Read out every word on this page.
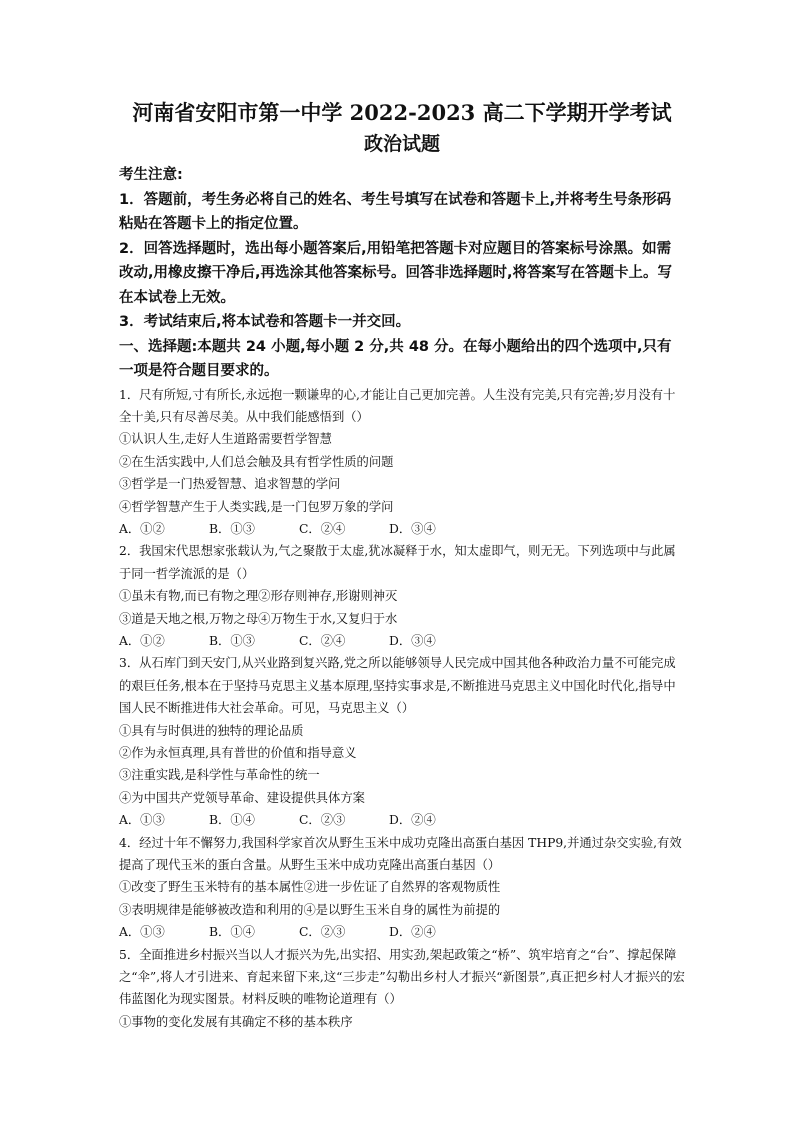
河南省安阳市第一中学 2022-2023 高二下学期开学考试
政治试题

考生注意:

1．答题前，考生务必将自己的姓名、考生号填写在试卷和答题卡上,并将考生号条形码粘贴在答题卡上的指定位置。

2．回答选择题时，选出每小题答案后,用铅笔把答题卡对应题目的答案标号涂黑。如需改动,用橡皮擦干净后,再选涂其他答案标号。回答非选择题时,将答案写在答题卡上。写在本试卷上无效。

3．考试结束后,将本试卷和答题卡一并交回。

一、选择题:本题共 24 小题,每小题 2 分,共 48 分。在每小题给出的四个选项中,只有一项是符合题目要求的。

1．尺有所短,寸有所长,永远抱一颗谦卑的心,才能让自己更加完善。人生没有完美,只有完善;岁月没有十全十美,只有尽善尽美。从中我们能感悟到（）

①认识人生,走好人生道路需要哲学智慧

②在生活实践中,人们总会触及具有哲学性质的问题

③哲学是一门热爱智慧、追求智慧的学问

④哲学智慧产生于人类实践,是一门包罗万象的学问

A．①②	B．①③	C．②④	D．③④

2．我国宋代思想家张载认为,气之聚散于太虚,犹冰凝释于水，知太虚即气，则无无。下列选项中与此属于同一哲学流派的是（）

①虽未有物,而已有物之理②形存则神存,形谢则神灭

③道是天地之根,万物之母④万物生于水,又复归于水

A．①②	B．①③	C．②④	D．③④

3．从石库门到天安门,从兴业路到复兴路,党之所以能够领导人民完成中国其他各种政治力量不可能完成的艰巨任务,根本在于坚持马克思主义基本原理,坚持实事求是,不断推进马克思主义中国化时代化,指导中国人民不断推进伟大社会革命。可见，马克思主义（）

①具有与时俱进的独特的理论品质

②作为永恒真理,具有普世的价值和指导意义

③注重实践,是科学性与革命性的统一

④为中国共产党领导革命、建设提供具体方案

A．①③	B．①④	C．②③	D．②④

4．经过十年不懈努力,我国科学家首次从野生玉米中成功克隆出高蛋白基因 THP9,并通过杂交实验,有效提高了现代玉米的蛋白含量。从野生玉米中成功克隆出高蛋白基因（）

①改变了野生玉米特有的基本属性②进一步佐证了自然界的客观物质性

③表明规律是能够被改造和利用的④是以野生玉米自身的属性为前提的

A．①③	B．①④	C．②③	D．②④

5．全面推进乡村振兴当以人才振兴为先,出实招、用实劲,架起政策之“桥”、筑牢培育之“台”、撑起保障之“伞”,将人才引进来、育起来留下来,这“三步走”勾勒出乡村人才振兴“新图景”,真正把乡村人才振兴的宏伟蓝图化为现实图景。材料反映的唯物论道理有（）

①事物的变化发展有其确定不移的基本秩序
